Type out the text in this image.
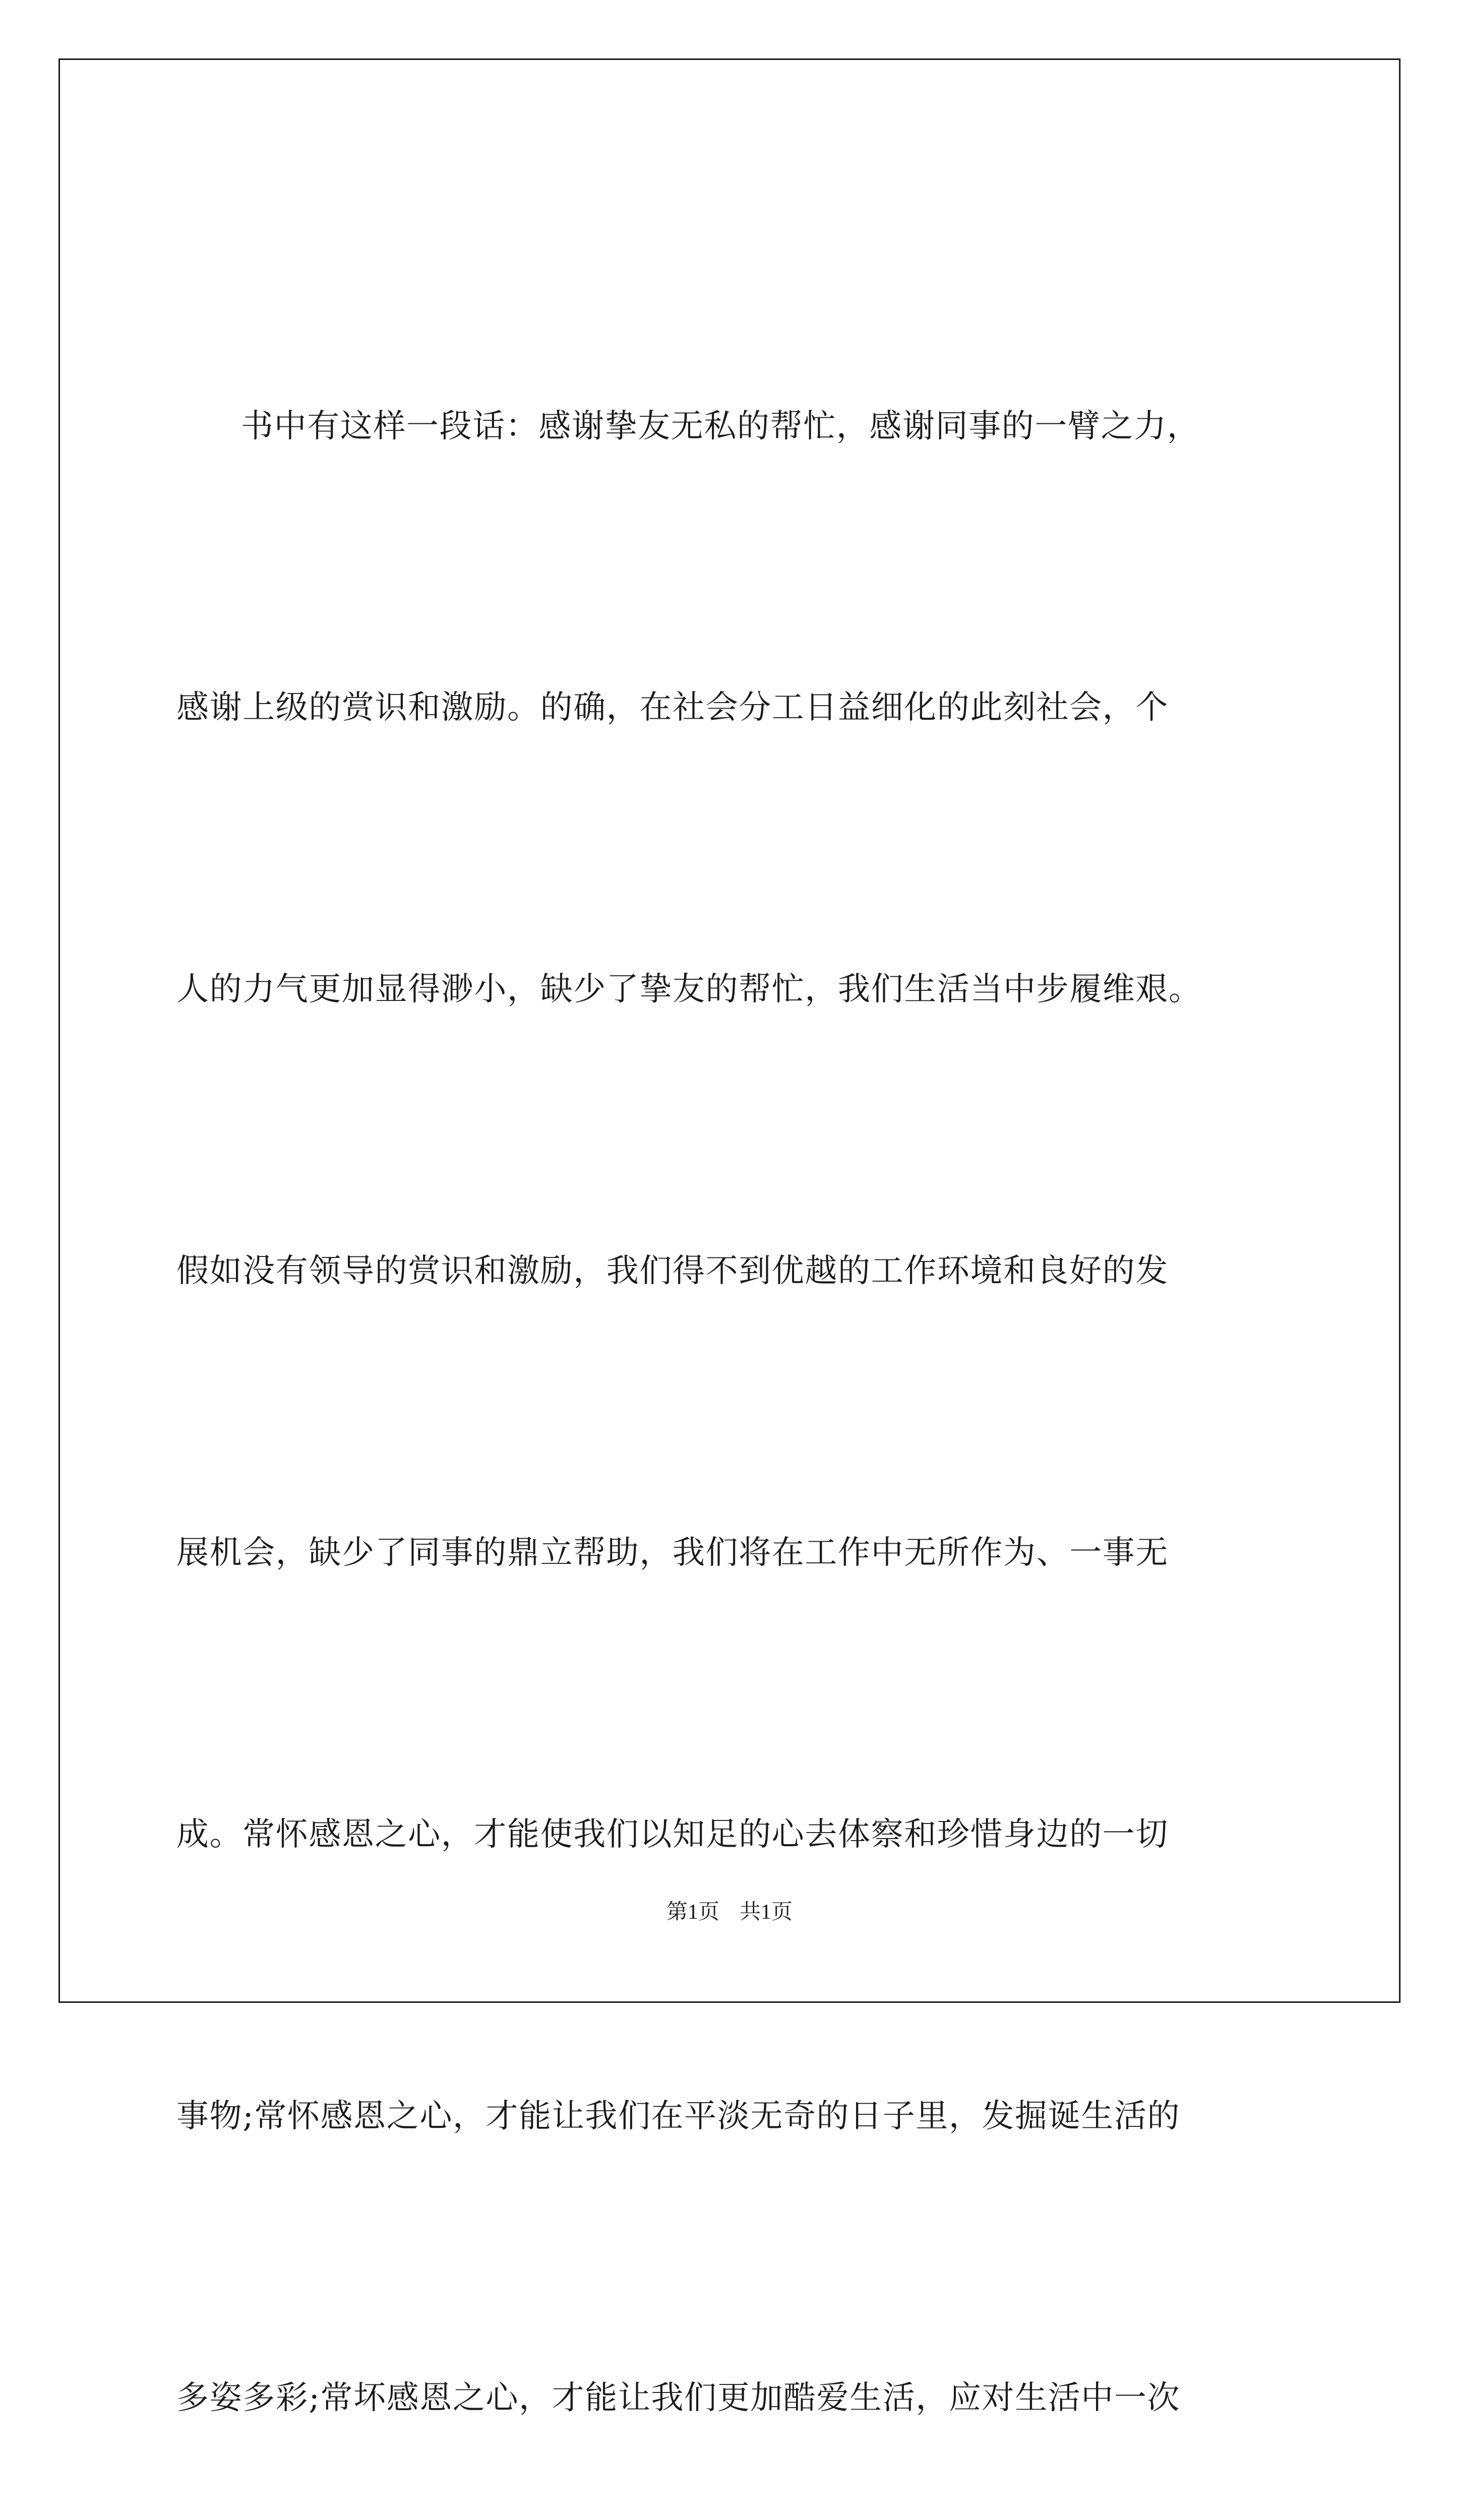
书中有这样一段话：感谢挚友无私的帮忙，感谢同事的一臂之力，

感谢上级的赏识和激励。的确，在社会分工日益细化的此刻社会，个

人的力气更加显得渺小，缺少了挚友的帮忙，我们生活当中步履维艰。

假如没有领导的赏识和激励，我们得不到优越的工作环境和良好的发

展机会，缺少了同事的鼎立帮助，我们将在工作中无所作为、一事无

成。常怀感恩之心，才能使我们以知足的心去体察和珍惜身边的一切

事物;常怀感恩之心，才能让我们在平淡无奇的日子里，发掘诞生活的

多姿多彩;常坏感恩之心，才能让我们更加酷爱生活，应对生活中一次

第1页 共1页
